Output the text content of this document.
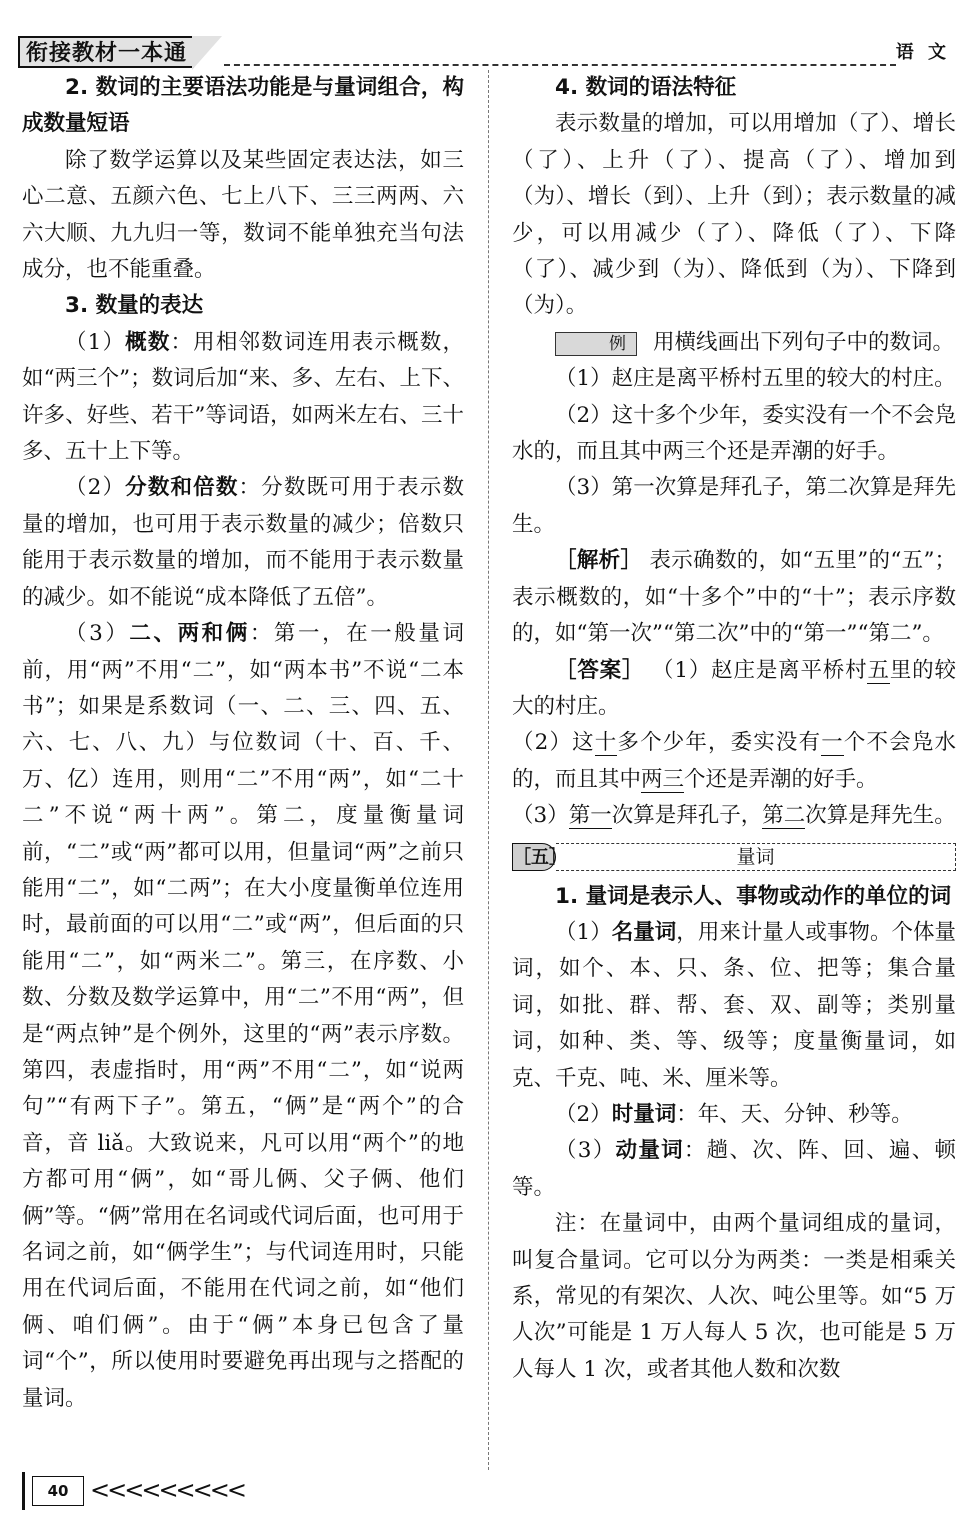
衔接教材一本通	语 文

2. 数词的主要语法功能是与量词组合，构成数量短语

除了数学运算以及某些固定表达法，如三心二意、五颜六色、七上八下、三三两两、六六大顺、九九归一等，数词不能单独充当句法成分，也不能重叠。

3. 数量的表达

（1）概数：用相邻数词连用表示概数，如“两三个”；数词后加“来、多、左右、上下、许多、好些、若干”等词语，如两米左右、三十多、五十上下等。

（2）分数和倍数：分数既可用于表示数量的增加，也可用于表示数量的减少；倍数只能用于表示数量的增加，而不能用于表示数量的减少。如不能说“成本降低了五倍”。

（3）二、两和俩：第一，在一般量词前，用“两”不用“二”，如“两本书”不说“二本书”；如果是系数词（一、二、三、四、五、六、七、八、九）与位数词（十、百、千、万、亿）连用，则用“二”不用“两”，如“二十二”不说“两十两”。第二，度量衡量词前，“二”或“两”都可以用，但量词“两”之前只能用“二”，如“二两”；在大小度量衡单位连用时，最前面的可以用“二”或“两”，但后面的只能用“二”，如“两米二”。第三，在序数、小数、分数及数学运算中，用“二”不用“两”，但是“两点钟”是个例外，这里的“两”表示序数。第四，表虚指时，用“两”不用“二”，如“说两句”“有两下子”。第五，“俩”是“两个”的合音，音 liǎ。大致说来，凡可以用“两个”的地方都可用“俩”，如“哥儿俩、父子俩、他们俩”等。“俩”常用在名词或代词后面，也可用于名词之前，如“俩学生”；与代词连用时，只能用在代词后面，不能用在代词之前，如“他们俩、咱们俩”。由于“俩”本身已包含了量词“个”，所以使用时要避免再出现与之搭配的量词。

4. 数词的语法特征

表示数量的增加，可以用增加（了）、增长（了）、上升（了）、提高（了）、增加到（为）、增长（到）、上升（到）；表示数量的减少，可以用减少（了）、降低（了）、下降（了）、减少到（为）、降低到（为）、下降到（为）。

例 用横线画出下列句子中的数词。

（1）赵庄是离平桥村五里的较大的村庄。

（2）这十多个少年，委实没有一个不会凫水的，而且其中两三个还是弄潮的好手。

（3）第一次算是拜孔子，第二次算是拜先生。

［解析］ 表示确数的，如“五里”的“五”；表示概数的，如“十多个”中的“十”；表示序数的，如“第一次”“第二次”中的“第一”“第二”。

［答案］ （1）赵庄是离平桥村五里的较大的村庄。

（2）这十多个少年，委实没有一个不会凫水的，而且其中两三个还是弄潮的好手。

（3）第一次算是拜孔子，第二次算是拜先生。

［五］	量词

1. 量词是表示人、事物或动作的单位的词

（1）名量词，用来计量人或事物。个体量词，如个、本、只、条、位、把等；集合量词，如批、群、帮、套、双、副等；类别量词，如种、类、等、级等；度量衡量词，如克、千克、吨、米、厘米等。

（2）时量词：年、天、分钟、秒等。

（3）动量词：趟、次、阵、回、遍、顿等。

注：在量词中，由两个量词组成的量词，叫复合量词。它可以分为两类：一类是相乘关系，常见的有架次、人次、吨公里等。如“5 万人次”可能是 1 万人每人 5 次，也可能是 5 万人每人 1 次，或者其他人数和次数

40 <<<<<<<<<
